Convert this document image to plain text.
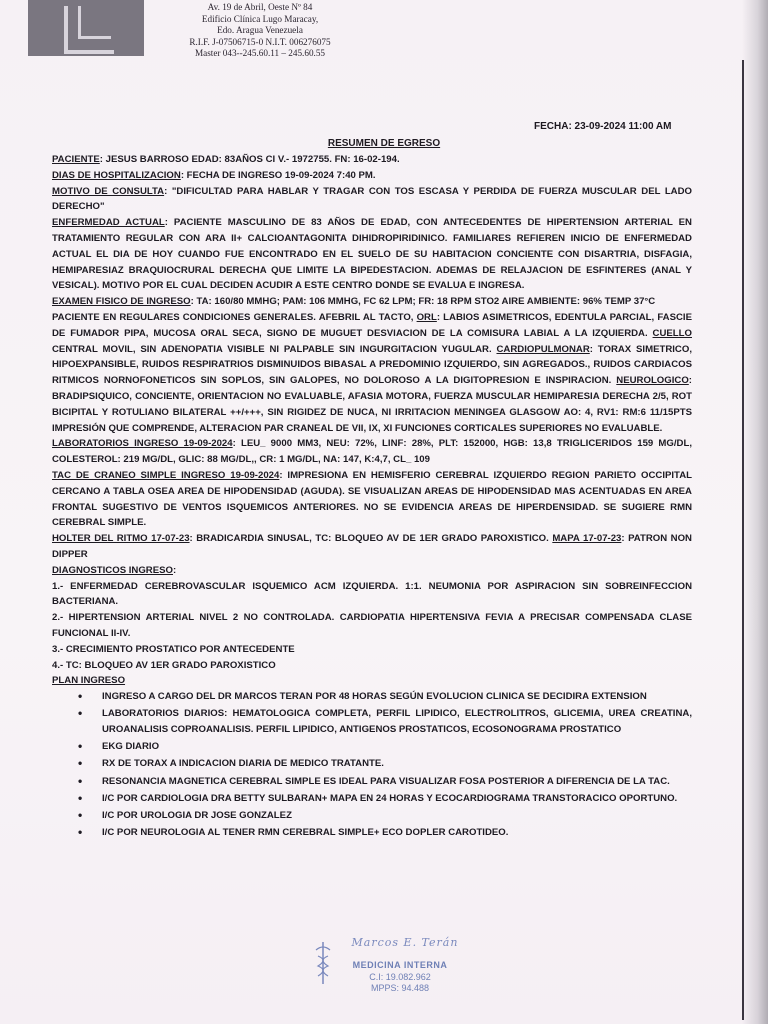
Av. 19 de Abril, Oeste Nº 84
Edificio Clínica Lugo Maracay,
Edo. Aragua Venezuela
R.I.F. J-07506715-0 N.I.T. 006276075
Master 043--245.60.11 – 245.60.55
FECHA: 23-09-2024 11:00 AM
RESUMEN DE EGRESO

PACIENTE: JESUS BARROSO EDAD: 83AÑOS CI V.- 1972755. FN: 16-02-194.

DIAS DE HOSPITALIZACION: FECHA DE INGRESO 19-09-2024 7:40 PM.

MOTIVO DE CONSULTA: "DIFICULTAD PARA HABLAR Y TRAGAR CON TOS ESCASA Y PERDIDA DE FUERZA MUSCULAR DEL LADO DERECHO"

ENFERMEDAD ACTUAL: PACIENTE MASCULINO DE 83 AÑOS DE EDAD, CON ANTECEDENTES DE HIPERTENSION ARTERIAL EN TRATAMIENTO REGULAR CON ARA II+ CALCIOANTAGONITA DIHIDROPIRIDINICO. FAMILIARES REFIEREN INICIO DE ENFERMEDAD ACTUAL EL DIA DE HOY CUANDO FUE ENCONTRADO EN EL SUELO DE SU HABITACION CONCIENTE CON DISARTRIA, DISFAGIA, HEMIPARESIAZ BRAQUIOCRURAL DERECHA QUE LIMITE LA BIPEDESTACION. ADEMAS DE RELAJACION DE ESFINTERES (ANAL Y VESICAL). MOTIVO POR EL CUAL DECIDEN ACUDIR A ESTE CENTRO DONDE SE EVALUA E INGRESA.

EXAMEN FISICO DE INGRESO: TA: 160/80 MMHG; PAM: 106 MMHG, FC 62 LPM; FR: 18 RPM STO2 AIRE AMBIENTE: 96% TEMP 37°C

PACIENTE EN REGULARES CONDICIONES GENERALES. AFEBRIL AL TACTO, ORL: LABIOS ASIMETRICOS, EDENTULA PARCIAL, FASCIE DE FUMADOR PIPA, MUCOSA ORAL SECA, SIGNO DE MUGUET DESVIACION DE LA COMISURA LABIAL A LA IZQUIERDA. CUELLO CENTRAL MOVIL, SIN ADENOPATIA VISIBLE NI PALPABLE SIN INGURGITACION YUGULAR. CARDIOPULMONAR: TORAX SIMETRICO, HIPOEXPANSIBLE, RUIDOS RESPIRATRIOS DISMINUIDOS BIBASAL A PREDOMINIO IZQUIERDO, SIN AGREGADOS., RUIDOS CARDIACOS RITMICOS NORNOFONETICOS SIN SOPLOS, SIN GALOPES, NO DOLOROSO A LA DIGITOPRESION E INSPIRACION. NEUROLOGICO: BRADIPSIQUICO, CONCIENTE, ORIENTACION NO EVALUABLE, AFASIA MOTORA, FUERZA MUSCULAR HEMIPARESIA DERECHA 2/5, ROT BICIPITAL Y ROTULIANO BILATERAL ++/+++, SIN RIGIDEZ DE NUCA, NI IRRITACION MENINGEA GLASGOW AO: 4, RV1: RM:6 11/15PTS IMPRESIÓN QUE COMPRENDE, ALTERACION PAR CRANEAL DE VII, IX, XI FUNCIONES CORTICALES SUPERIORES NO EVALUABLE.

LABORATORIOS INGRESO 19-09-2024: LEU_ 9000 MM3, NEU: 72%, LINF: 28%, PLT: 152000, HGB: 13,8 TRIGLICERIDOS 159 MG/DL, COLESTEROL: 219 MG/DL, GLIC: 88 MG/DL,, CR: 1 MG/DL, NA: 147, K:4,7, CL_ 109

TAC DE CRANEO SIMPLE INGRESO 19-09-2024: IMPRESIONA EN HEMISFERIO CEREBRAL IZQUIERDO REGION PARIETO OCCIPITAL CERCANO A TABLA OSEA AREA DE HIPODENSIDAD (AGUDA). SE VISUALIZAN AREAS DE HIPODENSIDAD MAS ACENTUADAS EN AREA FRONTAL SUGESTIVO DE VENTOS ISQUEMICOS ANTERIORES. NO SE EVIDENCIA AREAS DE HIPERDENSIDAD. SE SUGIERE RMN CEREBRAL SIMPLE.

HOLTER DEL RITMO 17-07-23: BRADICARDIA SINUSAL, TC: BLOQUEO AV DE 1ER GRADO PAROXISTICO. MAPA 17-07-23: PATRON NON DIPPER

DIAGNOSTICOS INGRESO:

1.- ENFERMEDAD CEREBROVASCULAR ISQUEMICO ACM IZQUIERDA. 1:1. NEUMONIA POR ASPIRACION SIN SOBREINFECCION BACTERIANA.

2.- HIPERTENSION ARTERIAL NIVEL 2 NO CONTROLADA. CARDIOPATIA HIPERTENSIVA FEVIA A PRECISAR COMPENSADA CLASE FUNCIONAL II-IV.

3.- CRECIMIENTO PROSTATICO POR ANTECEDENTE

4.- TC: BLOQUEO AV 1ER GRADO PAROXISTICO

PLAN INGRESO

• INGRESO A CARGO DEL DR MARCOS TERAN POR 48 HORAS SEGÚN EVOLUCION CLINICA SE DECIDIRA EXTENSION
• LABORATORIOS DIARIOS: HEMATOLOGICA COMPLETA, PERFIL LIPIDICO, ELECTROLITROS, GLICEMIA, UREA CREATINA, UROANALISIS COPROANALISIS. PERFIL LIPIDICO, ANTIGENOS PROSTATICOS, ECOSONOGRAMA PROSTATICO
• EKG DIARIO
• RX DE TORAX A INDICACION DIARIA DE MEDICO TRATANTE.
• RESONANCIA MAGNETICA CEREBRAL SIMPLE ES IDEAL PARA VISUALIZAR FOSA POSTERIOR A DIFERENCIA DE LA TAC.
• I/C POR CARDIOLOGIA DRA BETTY SULBARAN+ MAPA EN 24 HORAS Y ECOCARDIOGRAMA TRANSTORACICO OPORTUNO.
• I/C POR UROLOGIA DR JOSE GONZALEZ
• I/C POR NEUROLOGIA AL TENER RMN CEREBRAL SIMPLE+ ECO DOPLER CAROTIDEO.
Marcos E. Terán
MEDICINA INTERNA
C.I: 19.082.962
MPPS: 94.488
